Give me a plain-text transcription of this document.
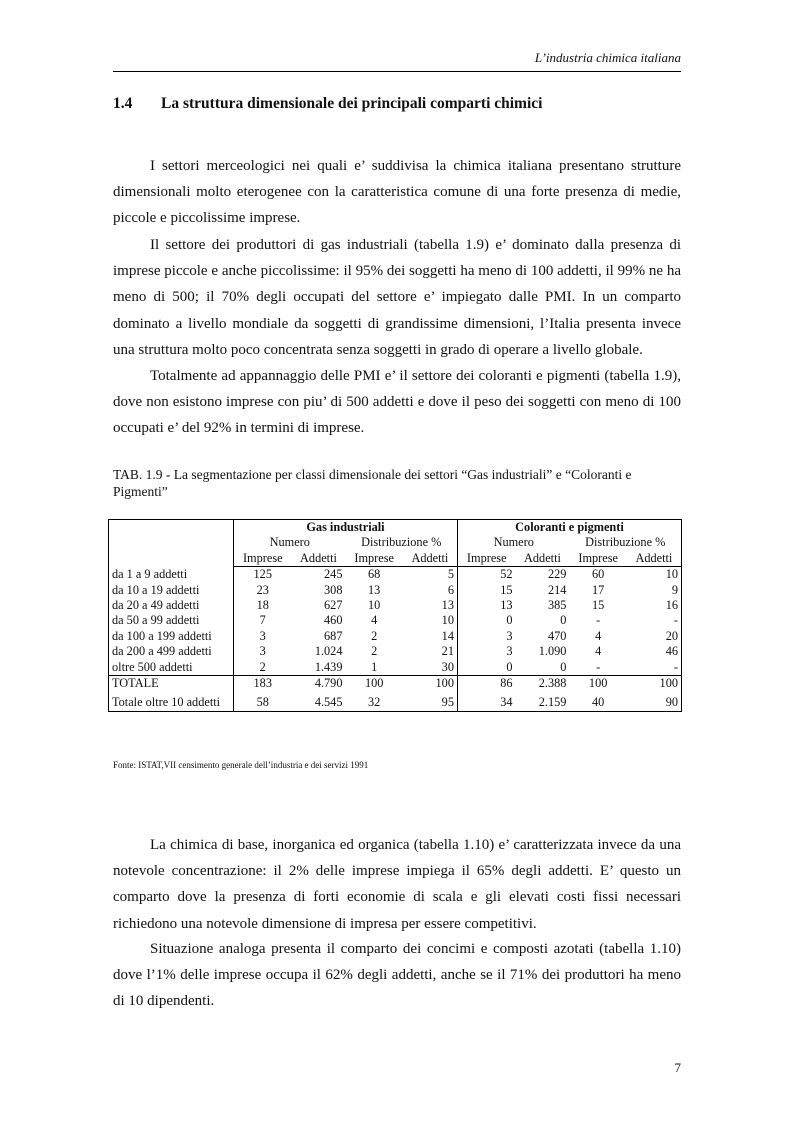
L’industria chimica italiana
1.4 La struttura dimensionale dei principali comparti chimici

I settori merceologici nei quali e’ suddivisa la chimica italiana presentano strutture dimensionali molto eterogenee con la caratteristica comune di una forte presenza di medie, piccole e piccolissime imprese.

Il settore dei produttori di gas industriali (tabella 1.9) e’ dominato dalla presenza di imprese piccole e anche piccolissime: il 95% dei soggetti ha meno di 100 addetti, il 99% ne ha meno di 500; il 70% degli occupati del settore e’ impiegato dalle PMI. In un comparto dominato a livello mondiale da soggetti di grandissime dimensioni, l’Italia presenta invece una struttura molto poco concentrata senza soggetti in grado di operare a livello globale.

Totalmente ad appannaggio delle PMI e’ il settore dei coloranti e pigmenti (tabella 1.9), dove non esistono imprese con piu’ di 500 addetti e dove il peso dei soggetti con meno di 100 occupati e’ del 92% in termini di imprese.

TAB. 1.9 - La segmentazione per classi dimensionale dei settori “Gas industriali” e “Coloranti e Pigmenti”

	Gas industriali				Coloranti e pigmenti			
	Numero		Distribuzione %		Numero		Distribuzione %	
	Imprese	Addetti	Imprese	Addetti	Imprese	Addetti	Imprese	Addetti
da 1 a 9 addetti	125	245	68	5	52	229	60	10
da 10 a 19 addetti	23	308	13	6	15	214	17	9
da 20 a 49 addetti	18	627	10	13	13	385	15	16
da 50 a 99 addetti	7	460	4	10	0	0	-	-
da 100 a 199 addetti	3	687	2	14	3	470	4	20
da 200 a 499 addetti	3	1.024	2	21	3	1.090	4	46
oltre 500 addetti	2	1.439	1	30	0	0	-	-
TOTALE	183	4.790	100	100	86	2.388	100	100
Totale oltre 10 addetti	58	4.545	32	95	34	2.159	40	90
Fonte: ISTAT,VII censimento generale dell’industria e dei servizi 1991

La chimica di base, inorganica ed organica (tabella 1.10) e’ caratterizzata invece da una notevole concentrazione: il 2% delle imprese impiega il 65% degli addetti. E’ questo un comparto dove la presenza di forti economie di scala e gli elevati costi fissi necessari richiedono una notevole dimensione di impresa per essere competitivi.

Situazione analoga presenta il comparto dei concimi e composti azotati (tabella 1.10) dove l’1% delle imprese occupa il 62% degli addetti, anche se il 71% dei produttori ha meno di 10 dipendenti.

7
